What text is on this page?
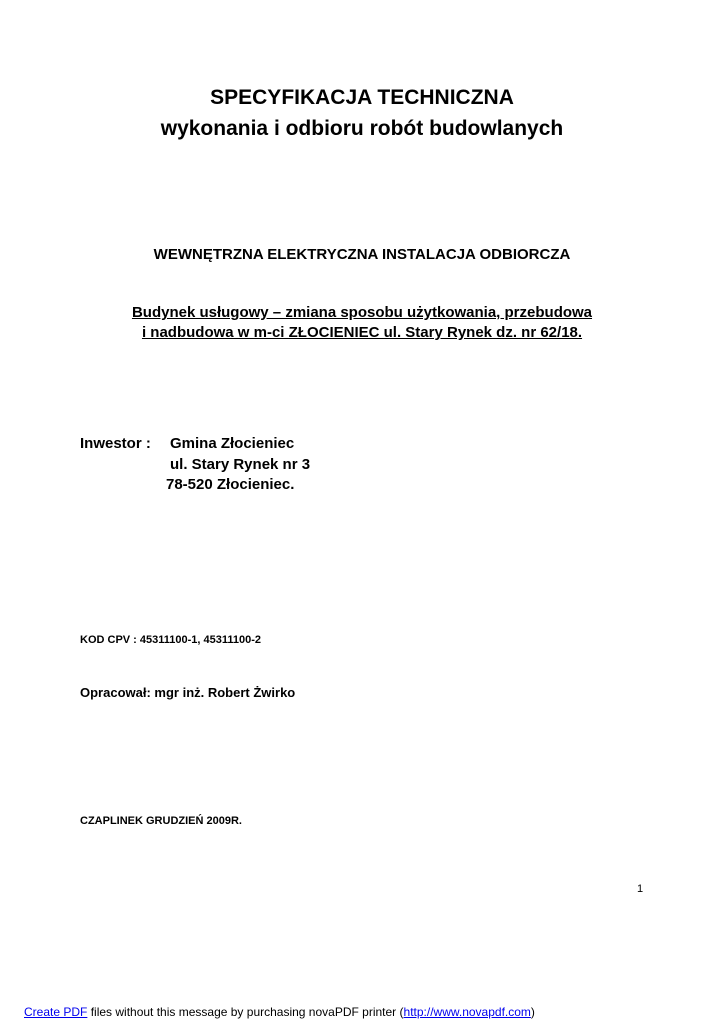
SPECYFIKACJA TECHNICZNA
wykonania i odbioru robót budowlanych
WEWNĘTRZNA ELEKTRYCZNA INSTALACJA ODBIORCZA
Budynek usługowy – zmiana sposobu użytkowania, przebudowa
i nadbudowa w m-ci ZŁOCIENIEC ul. Stary Rynek dz. nr 62/18.
Inwestor : Gmina Złocieniec
ul. Stary Rynek nr 3
78-520 Złocieniec.
KOD CPV : 45311100-1, 45311100-2
Opracował: mgr inż. Robert Żwirko
CZAPLINEK GRUDZIEŃ 2009R.
1
Create PDF files without this message by purchasing novaPDF printer (http://www.novapdf.com)
